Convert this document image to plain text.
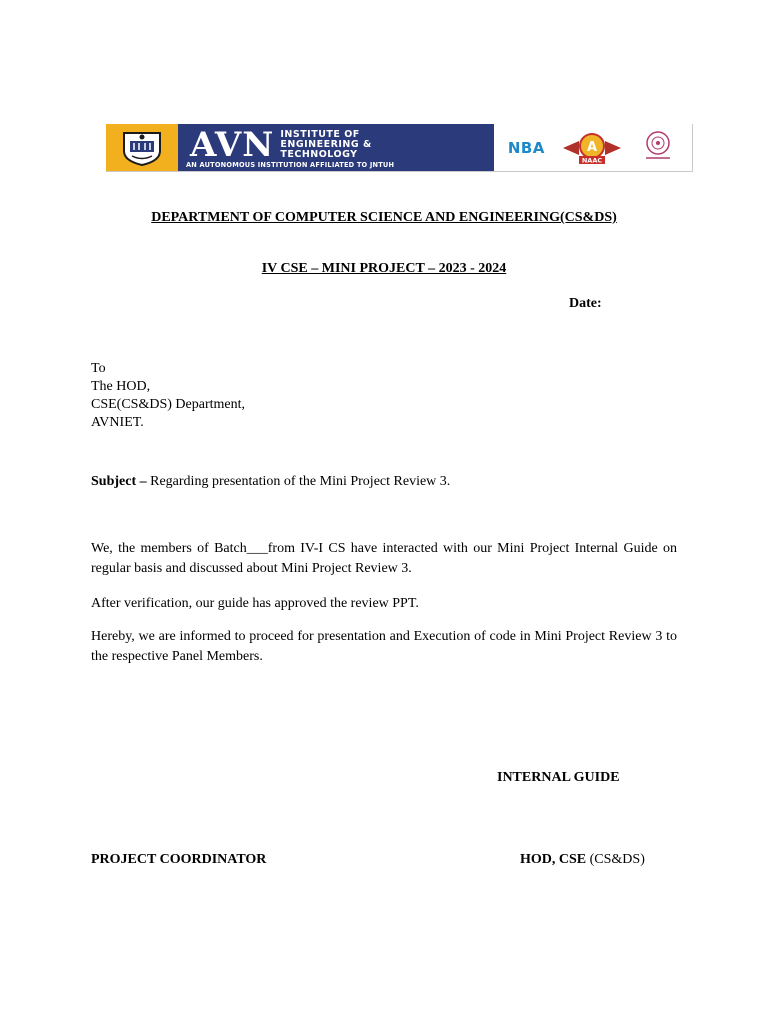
AVN INSTITUTE OF
ENGINEERING &
TECHNOLOGY
AN AUTONOMOUS INSTITUTION AFFILIATED TO JNTUH
NBA	A
NAAC
DEPARTMENT OF COMPUTER SCIENCE AND ENGINEERING(CS&DS)
IV CSE – MINI PROJECT – 2023 - 2024
Date:
To
The HOD,
CSE(CS&DS) Department,
AVNIET.
Subject – Regarding presentation of the Mini Project Review 3.
We, the members of Batch___from IV-I CS have interacted with our Mini Project Internal Guide on regular basis and discussed about Mini Project Review 3.
After verification, our guide has approved the review PPT.
Hereby, we are informed to proceed for presentation and Execution of code in Mini Project Review 3 to the respective Panel Members.
INTERNAL GUIDE
PROJECT COORDINATOR	HOD, CSE (CS&DS)
